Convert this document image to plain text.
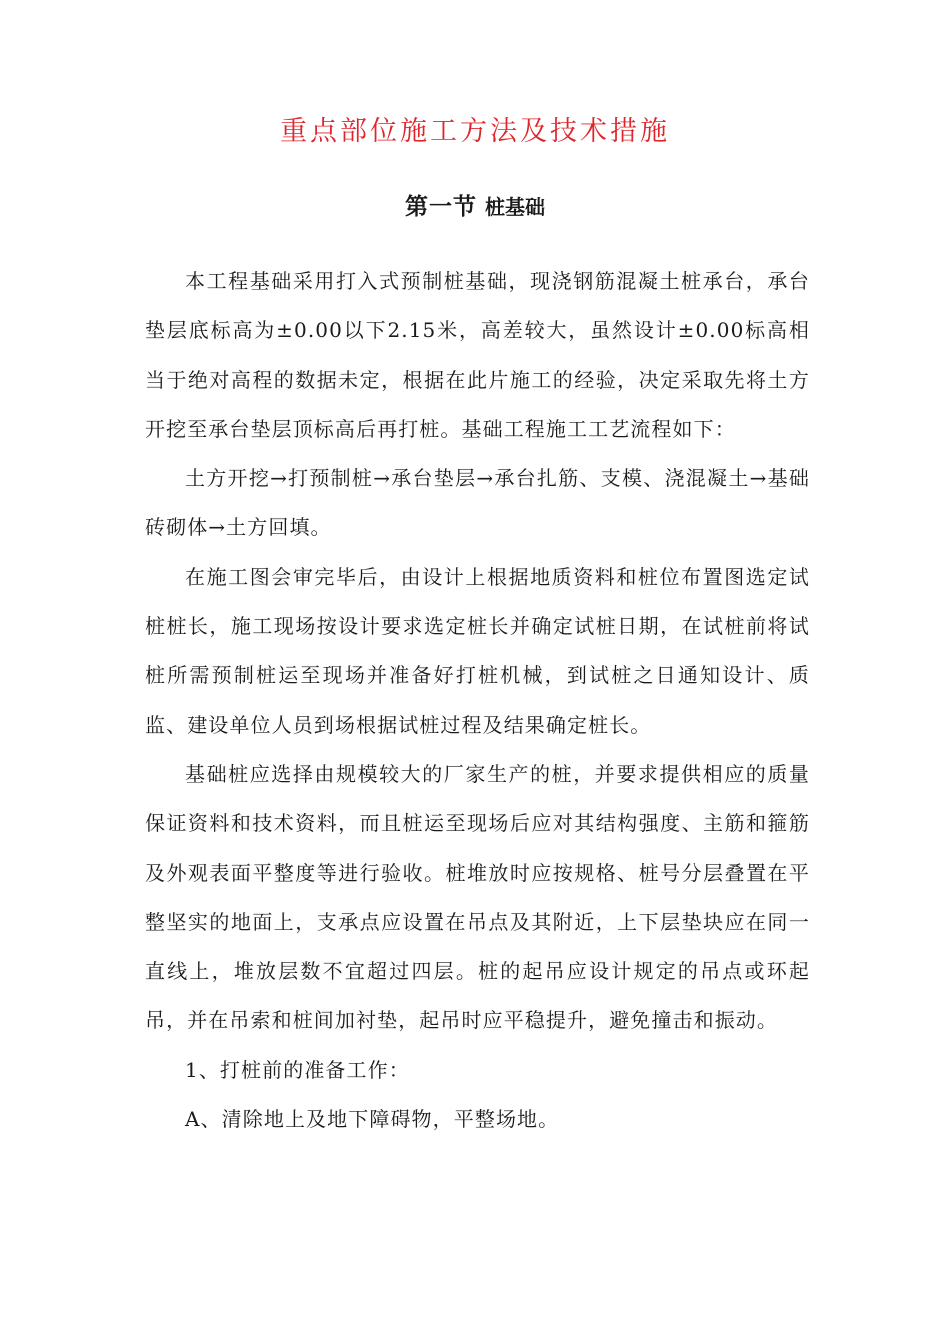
重点部位施工方法及技术措施
第一节 桩基础

本工程基础采用打入式预制桩基础，现浇钢筋混凝土桩承台，承台垫层底标高为±0.00以下2.15米，高差较大，虽然设计±0.00标高相当于绝对高程的数据未定，根据在此片施工的经验，决定采取先将土方开挖至承台垫层顶标高后再打桩。基础工程施工工艺流程如下：

土方开挖→打预制桩→承台垫层→承台扎筋、支模、浇混凝土→基础砖砌体→土方回填。

在施工图会审完毕后，由设计上根据地质资料和桩位布置图选定试桩桩长，施工现场按设计要求选定桩长并确定试桩日期，在试桩前将试桩所需预制桩运至现场并准备好打桩机械，到试桩之日通知设计、质监、建设单位人员到场根据试桩过程及结果确定桩长。

基础桩应选择由规模较大的厂家生产的桩，并要求提供相应的质量保证资料和技术资料，而且桩运至现场后应对其结构强度、主筋和箍筋及外观表面平整度等进行验收。桩堆放时应按规格、桩号分层叠置在平整坚实的地面上，支承点应设置在吊点及其附近，上下层垫块应在同一直线上，堆放层数不宜超过四层。桩的起吊应设计规定的吊点或环起吊，并在吊索和桩间加衬垫，起吊时应平稳提升，避免撞击和振动。

1、打桩前的准备工作：

A、清除地上及地下障碍物，平整场地。
